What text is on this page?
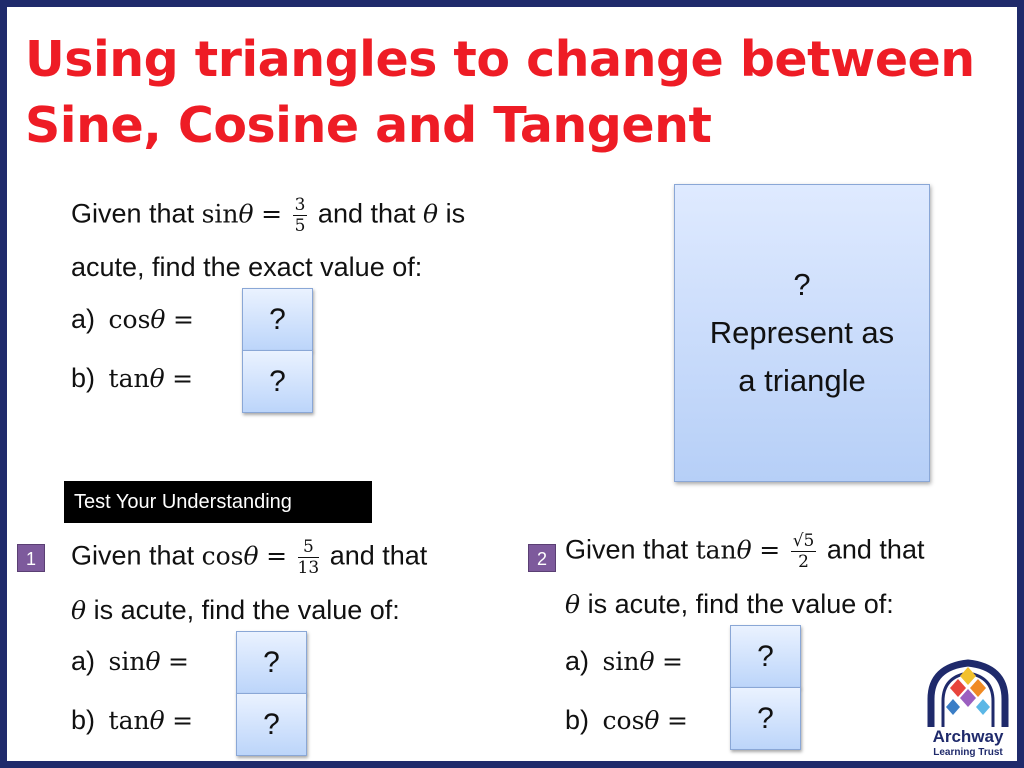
Using triangles to change between
Sine, Cosine and Tangent
Given that $\sin\theta = \frac{3}{5}$ and that θ is
acute, find the exact value of:
a) cosθ =
b) tanθ =
?
?
?
Represent as
a triangle
Test Your Understanding
1	Given that $\cos\theta = \frac{5}{13}$ and that
θ is acute, find the value of:
a) sinθ =
b) tanθ =
?
?
2 Given that $\tan\theta = \frac{√5}{2}$ and that
θ is acute, find the value of:
a) sinθ =
b) cosθ =
?
?
Archway
Learning Trust
